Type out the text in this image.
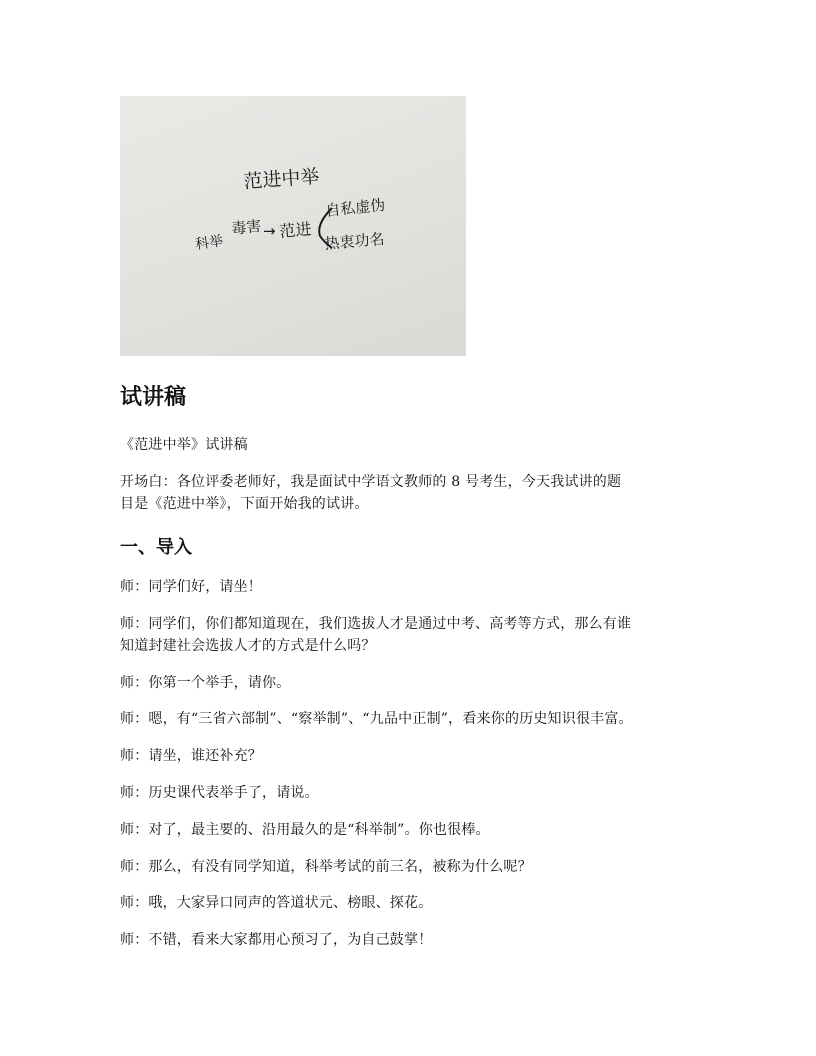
范进中举
科举
毒害 → 范进
自私虚伪
热衷功名
试讲稿

《范进中举》试讲稿

开场白：各位评委老师好，我是面试中学语文教师的 8 号考生，今天我试讲的题

目是《范进中举》，下面开始我的试讲。

一、导入

师：同学们好，请坐！

师：同学们，你们都知道现在，我们选拔人才是通过中考、高考等方式，那么有谁

知道封建社会选拔人才的方式是什么吗？

师：你第一个举手，请你。

师：嗯，有“三省六部制”、“察举制”、“九品中正制”，看来你的历史知识很丰富。

师：请坐，谁还补充？

师：历史课代表举手了，请说。

师：对了，最主要的、沿用最久的是“科举制”。你也很棒。

师：那么，有没有同学知道，科举考试的前三名，被称为什么呢？

师：哦，大家异口同声的答道状元、榜眼、探花。

师：不错，看来大家都用心预习了，为自己鼓掌！
